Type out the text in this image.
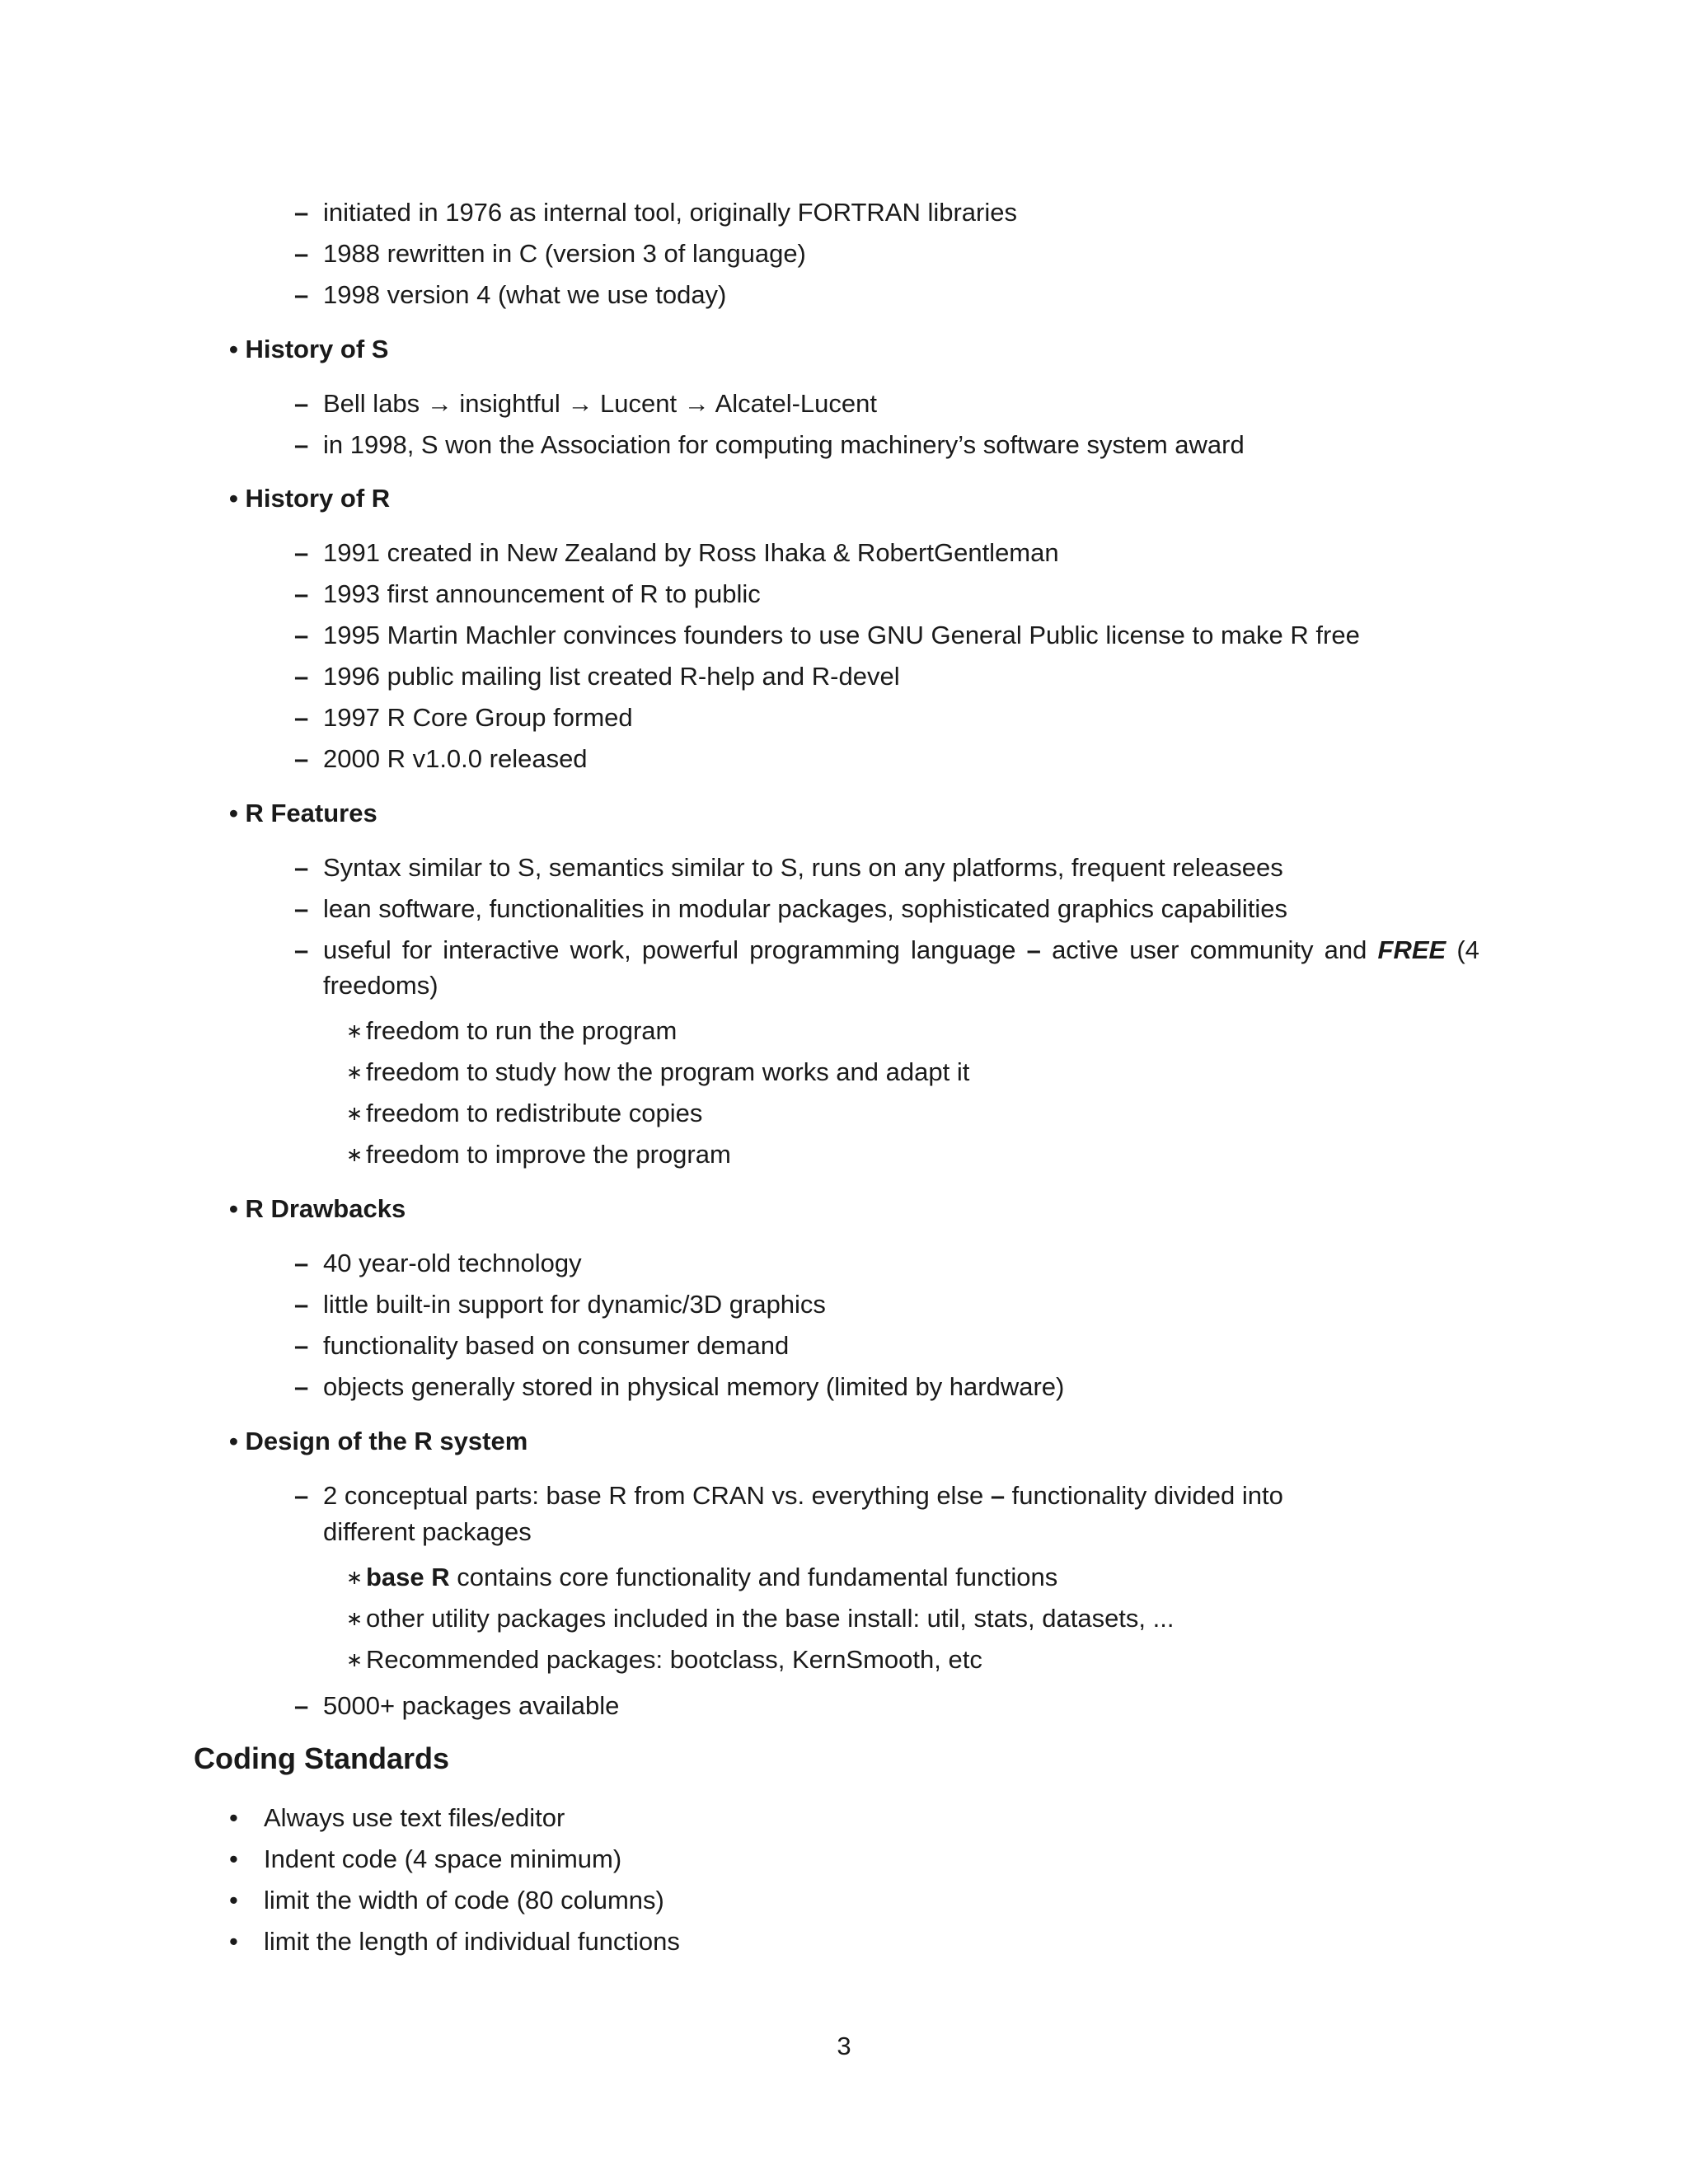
– initiated in 1976 as internal tool, originally FORTRAN libraries
– 1988 rewritten in C (version 3 of language)
– 1998 version 4 (what we use today)
• History of S
– Bell labs → insightful → Lucent → Alcatel-Lucent
– in 1998, S won the Association for computing machinery’s software system award
• History of R
– 1991 created in New Zealand by Ross Ihaka & RobertGentleman
– 1993 first announcement of R to public
– 1995 Martin Machler convinces founders to use GNU General Public license to make R free
– 1996 public mailing list created R-help and R-devel
– 1997 R Core Group formed
– 2000 R v1.0.0 released
• R Features
– Syntax similar to S, semantics similar to S, runs on any platforms, frequent releasees
– lean software, functionalities in modular packages, sophisticated graphics capabilities
– useful for interactive work, powerful programming language – active user community and FREE (4
freedoms)
∗ freedom to run the program
∗ freedom to study how the program works and adapt it
∗ freedom to redistribute copies
∗ freedom to improve the program
• R Drawbacks
– 40 year-old technology
– little built-in support for dynamic/3D graphics
– functionality based on consumer demand
– objects generally stored in physical memory (limited by hardware)
• Design of the R system
– 2 conceptual parts: base R from CRAN vs. everything else – functionality divided into
different packages
∗ base R contains core functionality and fundamental functions
∗ other utility packages included in the base install: util, stats, datasets, ...
∗ Recommended packages: bootclass, KernSmooth, etc
– 5000+ packages available
Coding Standards
• Always use text files/editor
• Indent code (4 space minimum)
• limit the width of code (80 columns)
• limit the length of individual functions
3
